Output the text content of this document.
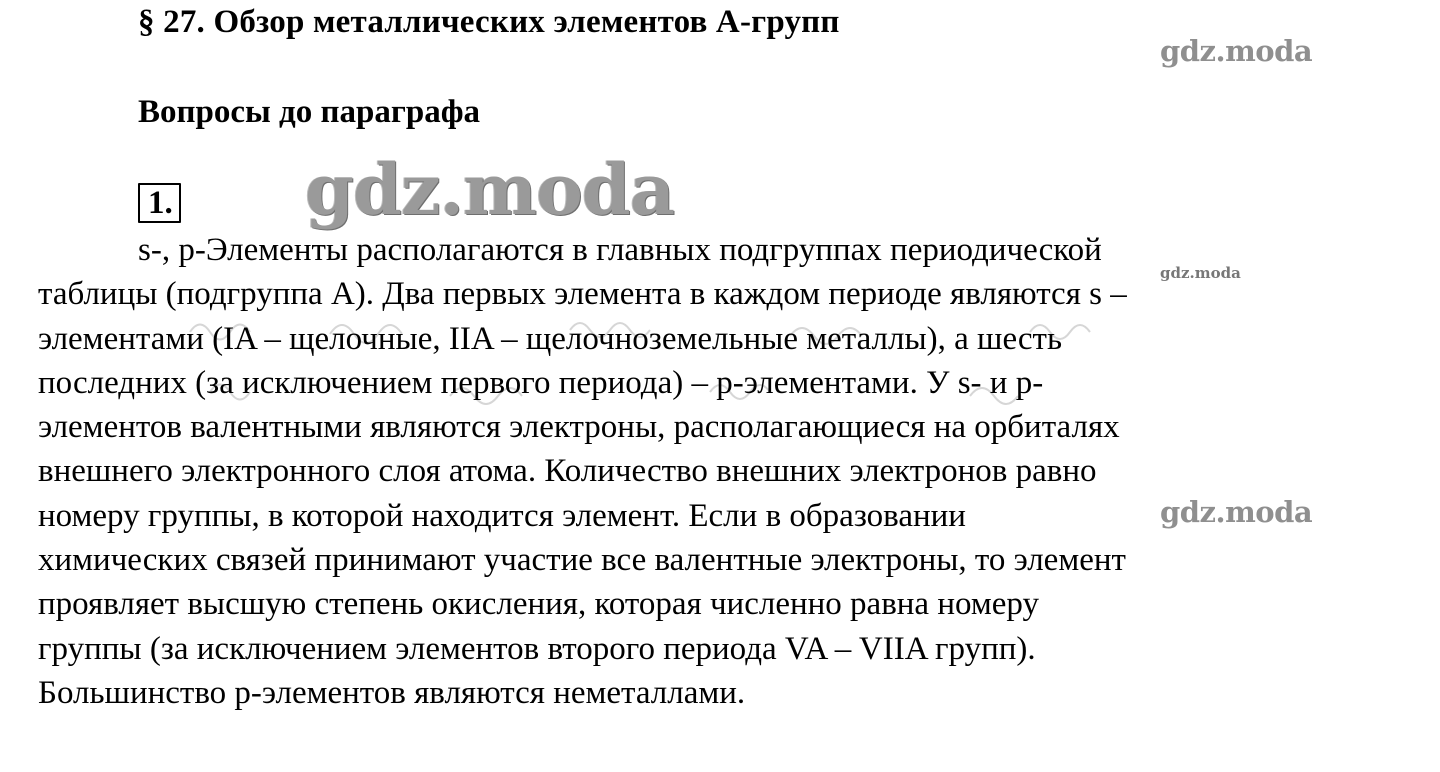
§ 27. Обзор металлических элементов А-групп
Вопросы до параграфа
1.
s-, p-Элементы располагаются в главных подгруппах периодической
таблицы (подгруппа А). Два первых элемента в каждом периоде являются s –
элементами (IA – щелочные, IIA – щелочноземельные металлы), а шесть
последних (за исключением первого периода) – p-элементами. У s- и p-
элементов валентными являются электроны, располагающиеся на орбиталях
внешнего электронного слоя атома. Количество внешних электронов равно
номеру группы, в которой находится элемент. Если в образовании
химических связей принимают участие все валентные электроны, то элемент
проявляет высшую степень окисления, которая численно равна номеру
группы (за исключением элементов второго периода VA – VIIA групп).
Большинство p-элементов являются неметаллами.
gdz.moda
gdz.moda
gdz.moda
gdz.moda
